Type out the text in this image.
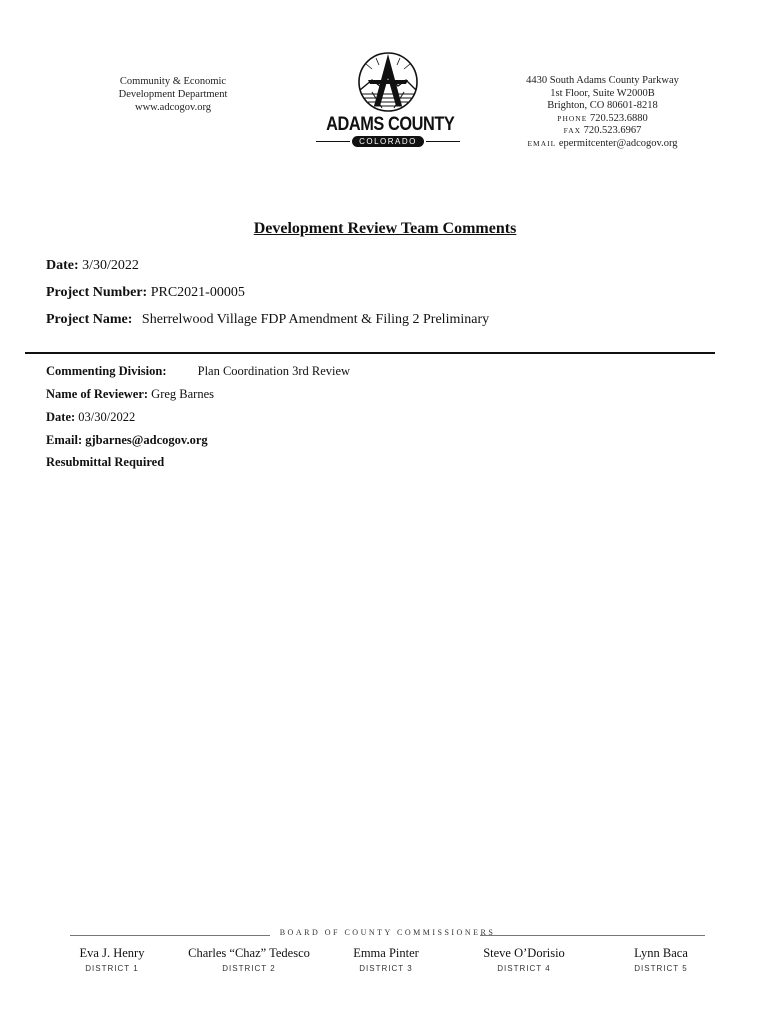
Community & Economic
Development Department
www.adcogov.org
ADAMS COUNTY
COLORADO
4430 South Adams County Parkway
1st Floor, Suite W2000B
Brighton, CO 80601-8218
PHONE 720.523.6880
FAX 720.523.6967
EMAIL epermitcenter@adcogov.org
Development Review Team Comments
Date: 3/30/2022
Project Number: PRC2021-00005
Project Name: Sherrelwood Village FDP Amendment & Filing 2 Preliminary
Commenting Division: Plan Coordination 3rd Review
Name of Reviewer: Greg Barnes
Date: 03/30/2022
Email: gjbarnes@adcogov.org
Resubmittal Required
BOARD OF COUNTY COMMISSIONERS
Eva J. Henry
DISTRICT 1
Charles “Chaz” Tedesco
DISTRICT 2
Emma Pinter
DISTRICT 3
Steve O’Dorisio
DISTRICT 4
Lynn Baca
DISTRICT 5
